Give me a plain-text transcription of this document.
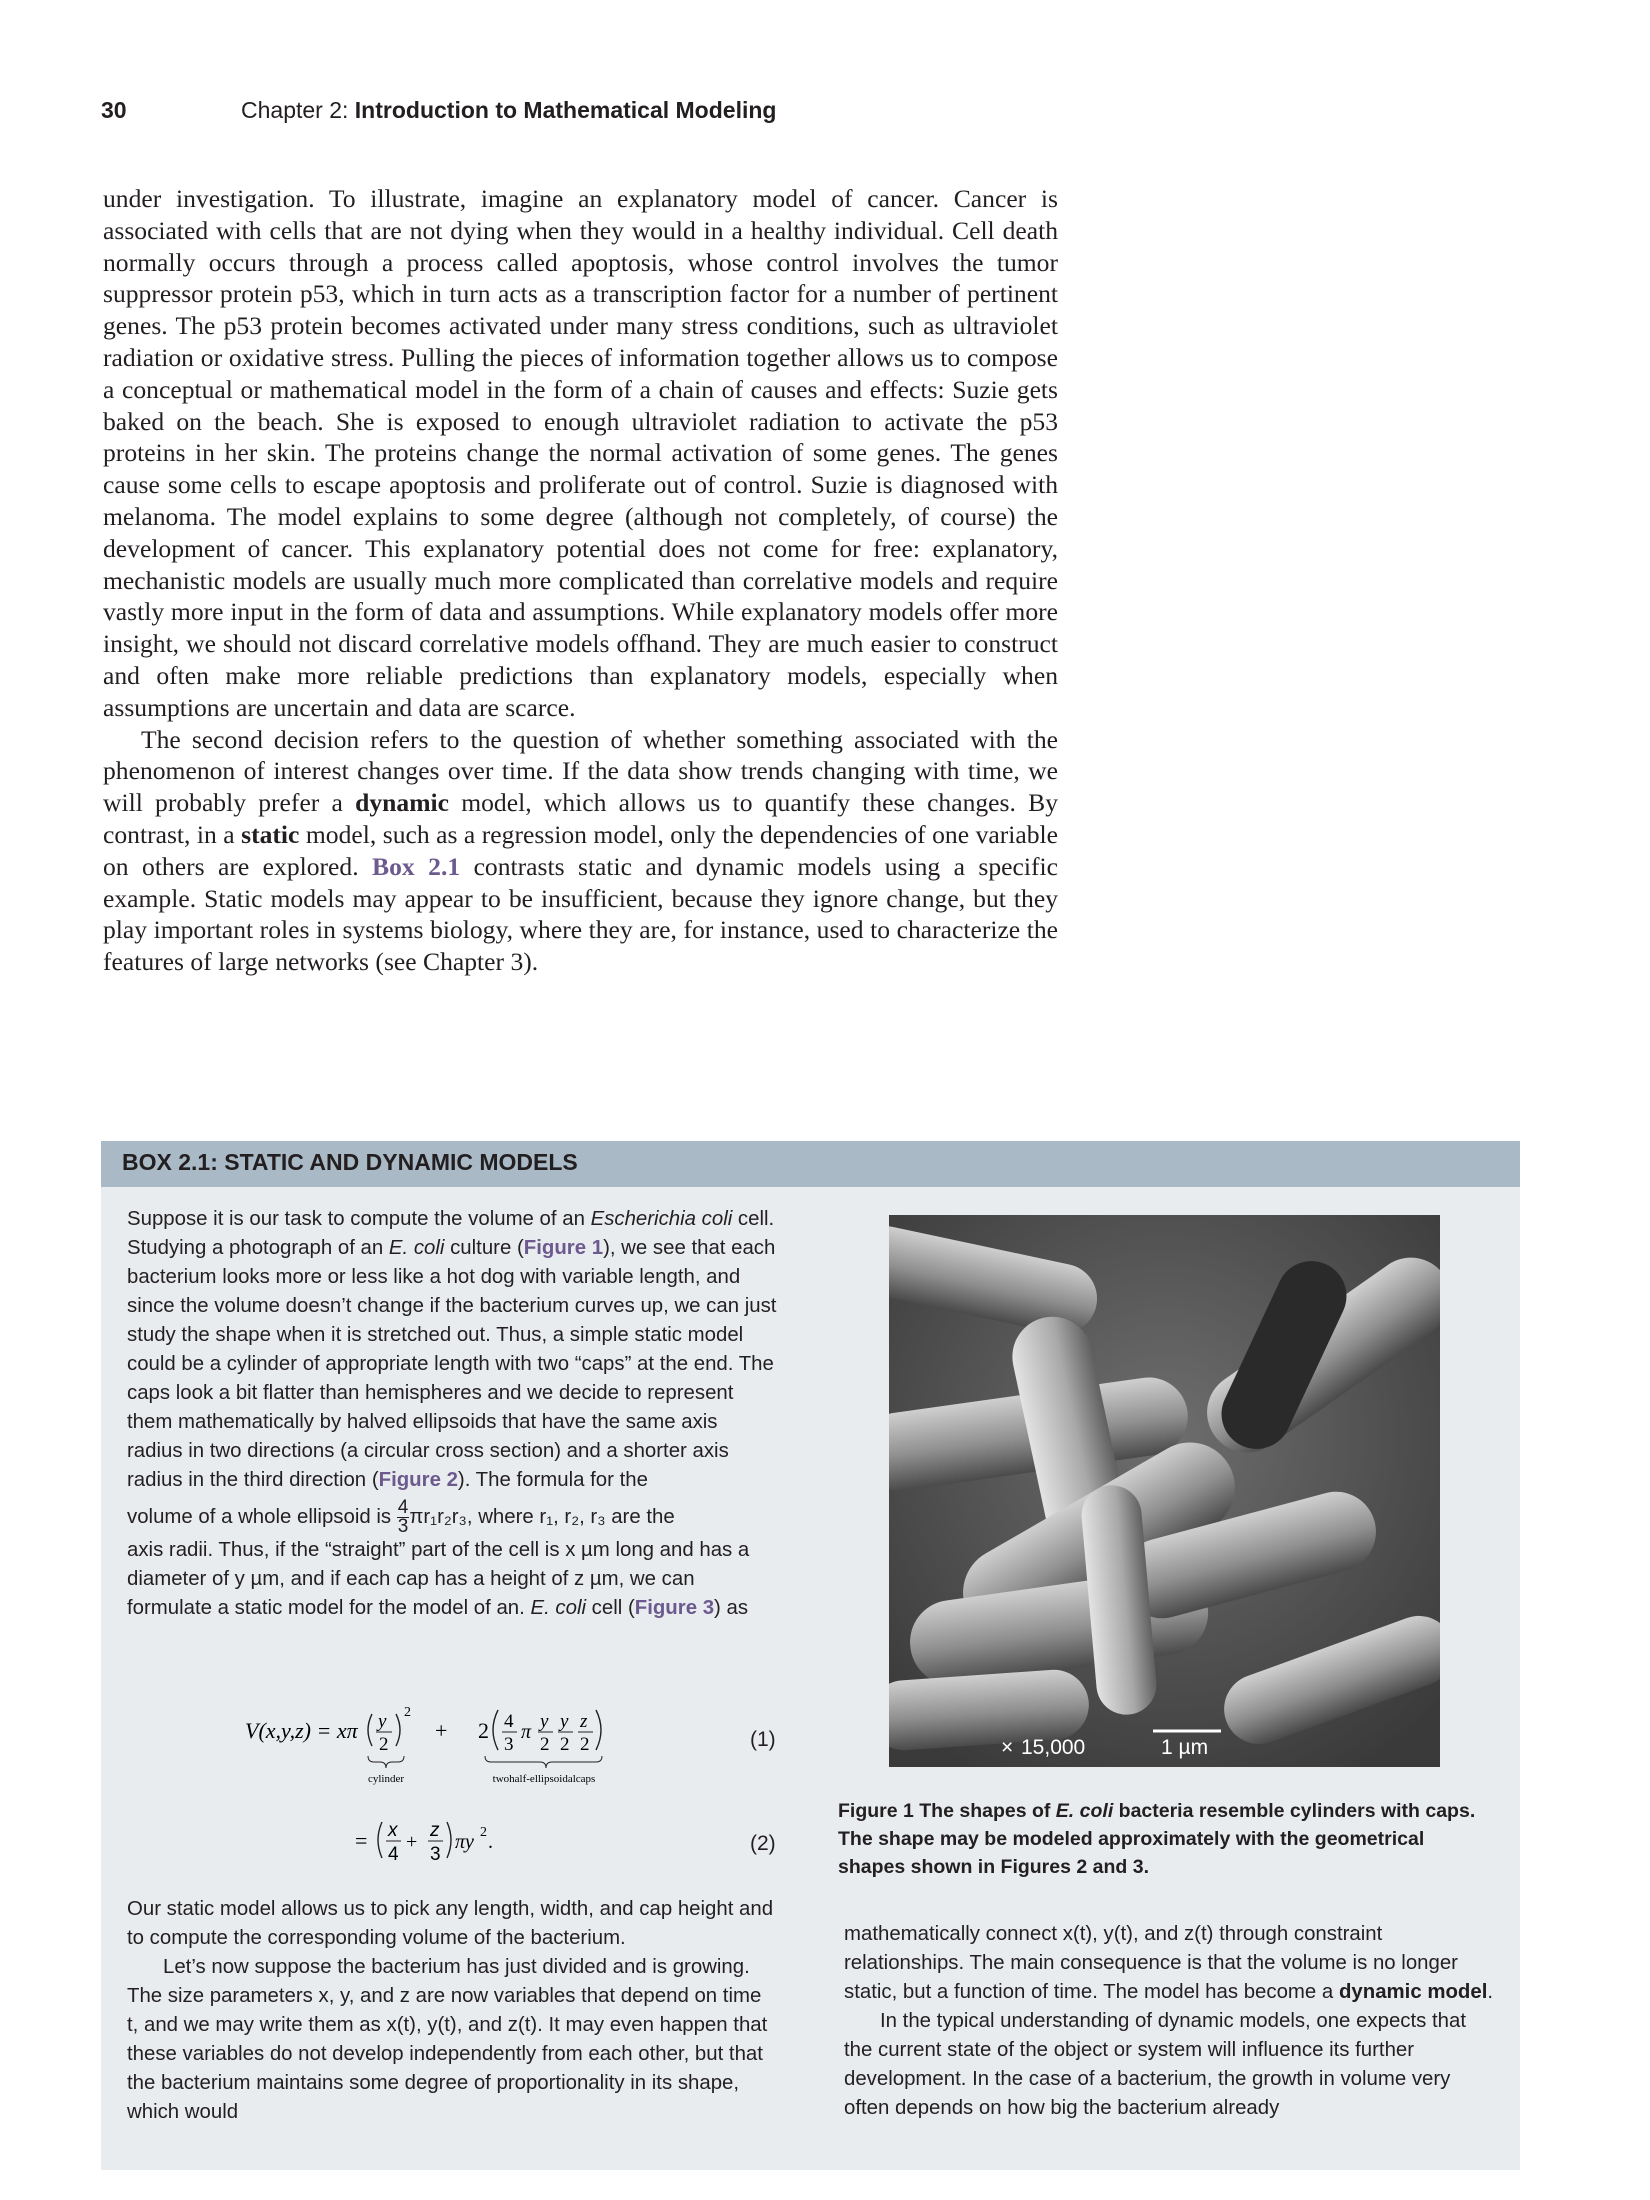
30	Chapter 2: Introduction to Mathematical Modeling

under investigation. To illustrate, imagine an explanatory model of cancer. Cancer is associated with cells that are not dying when they would in a healthy individual. Cell death normally occurs through a process called apoptosis, whose control involves the tumor suppressor protein p53, which in turn acts as a transcription factor for a number of pertinent genes. The p53 protein becomes activated under many stress conditions, such as ultraviolet radiation or oxidative stress. Pulling the pieces of information together allows us to compose a conceptual or mathematical model in the form of a chain of causes and effects: Suzie gets baked on the beach. She is exposed to enough ultraviolet radiation to activate the p53 proteins in her skin. The proteins change the normal activation of some genes. The genes cause some cells to escape apoptosis and proliferate out of control. Suzie is diagnosed with melanoma. The model explains to some degree (although not completely, of course) the development of cancer. This explanatory potential does not come for free: explanatory, mechanistic models are usually much more complicated than correlative models and require vastly more input in the form of data and assumptions. While explanatory models offer more insight, we should not discard correlative models offhand. They are much easier to construct and often make more reliable predictions than explanatory models, especially when assumptions are uncertain and data are scarce.

The second decision refers to the question of whether something associated with the phenomenon of interest changes over time. If the data show trends changing with time, we will probably prefer a dynamic model, which allows us to quantify these changes. By contrast, in a static model, such as a regression model, only the dependencies of one variable on others are explored. Box 2.1 contrasts static and dynamic models using a specific example. Static models may appear to be insufficient, because they ignore change, but they play important roles in systems biology, where they are, for instance, used to characterize the features of large networks (see Chapter 3).

BOX 2.1: STATIC AND DYNAMIC MODELS

Suppose it is our task to compute the volume of an Escherichia coli cell. Studying a photograph of an E. coli culture (Figure 1), we see that each bacterium looks more or less like a hot dog with variable length, and since the volume doesn’t change if the bacterium curves up, we can just study the shape when it is stretched out. Thus, a simple static model could be a cylinder of appropriate length with two “caps” at the end. The caps look a bit flatter than hemispheres and we decide to represent them mathematically by halved ellipsoids that have the same axis radius in two directions (a circular cross section) and a shorter axis radius in the third direction (Figure 2). The formula for the

volume of a whole ellipsoid is $\frac{4}{3} \pi r_1r_2r_3$, where r₁, r₂, r₃ are the

axis radii. Thus, if the “straight” part of the cell is x µm long and has a diameter of y µm, and if each cap has a height of z µm, we can formulate a static model for the model of an. E. coli cell (Figure 3) as

V(x,y,z) = xπ y
2
2
+ 2 4
3
π y
2
y
2
z
2
cylinder	twohalf-ellipsoidalcaps
= x
4
+
z
3
πy 2 .
(1)
(2)

Our static model allows us to pick any length, width, and cap height and to compute the corresponding volume of the bacterium.

Let’s now suppose the bacterium has just divided and is growing. The size parameters x, y, and z are now variables that depend on time t, and we may write them as x(t), y(t), and z(t). It may even happen that these variables do not develop independently from each other, but that the bacterium maintains some degree of proportionality in its shape, which would

× 15,000	1 µm
Figure 1 The shapes of E. coli bacteria resemble cylinders with caps. The shape may be modeled approximately with the geometrical shapes shown in Figures 2 and 3.

mathematically connect x(t), y(t), and z(t) through constraint relationships. The main consequence is that the volume is no longer static, but a function of time. The model has become a dynamic model.

In the typical understanding of dynamic models, one expects that the current state of the object or system will influence its further development. In the case of a bacterium, the growth in volume very often depends on how big the bacterium already
